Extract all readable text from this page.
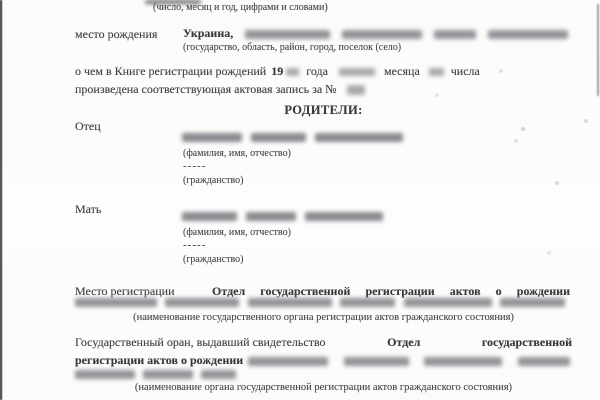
(число, месяц и год, цифрами и словами)
место рождения Украина,
(государство, область, район, город, поселок (село)
о чем в Книге регистрации рождений 19 года	месяца	числа
произведена соответствующая актовая запись за №
РОДИТЕЛИ:
Отец
(фамилия, имя, отчество)
-----
(гражданство)
Мать
(фамилия, имя, отчество)
-----
(гражданство)
Место регистрации	Отдел государственной регистрации актов о рождении
(наименование государственного органа регистрации актов гражданского состояния)
Государственный оран, выдавший свидетельство	Отдел	государственной
регистрации актов о рождении
(наименование органа государственной регистрации актов гражданского состояния)
